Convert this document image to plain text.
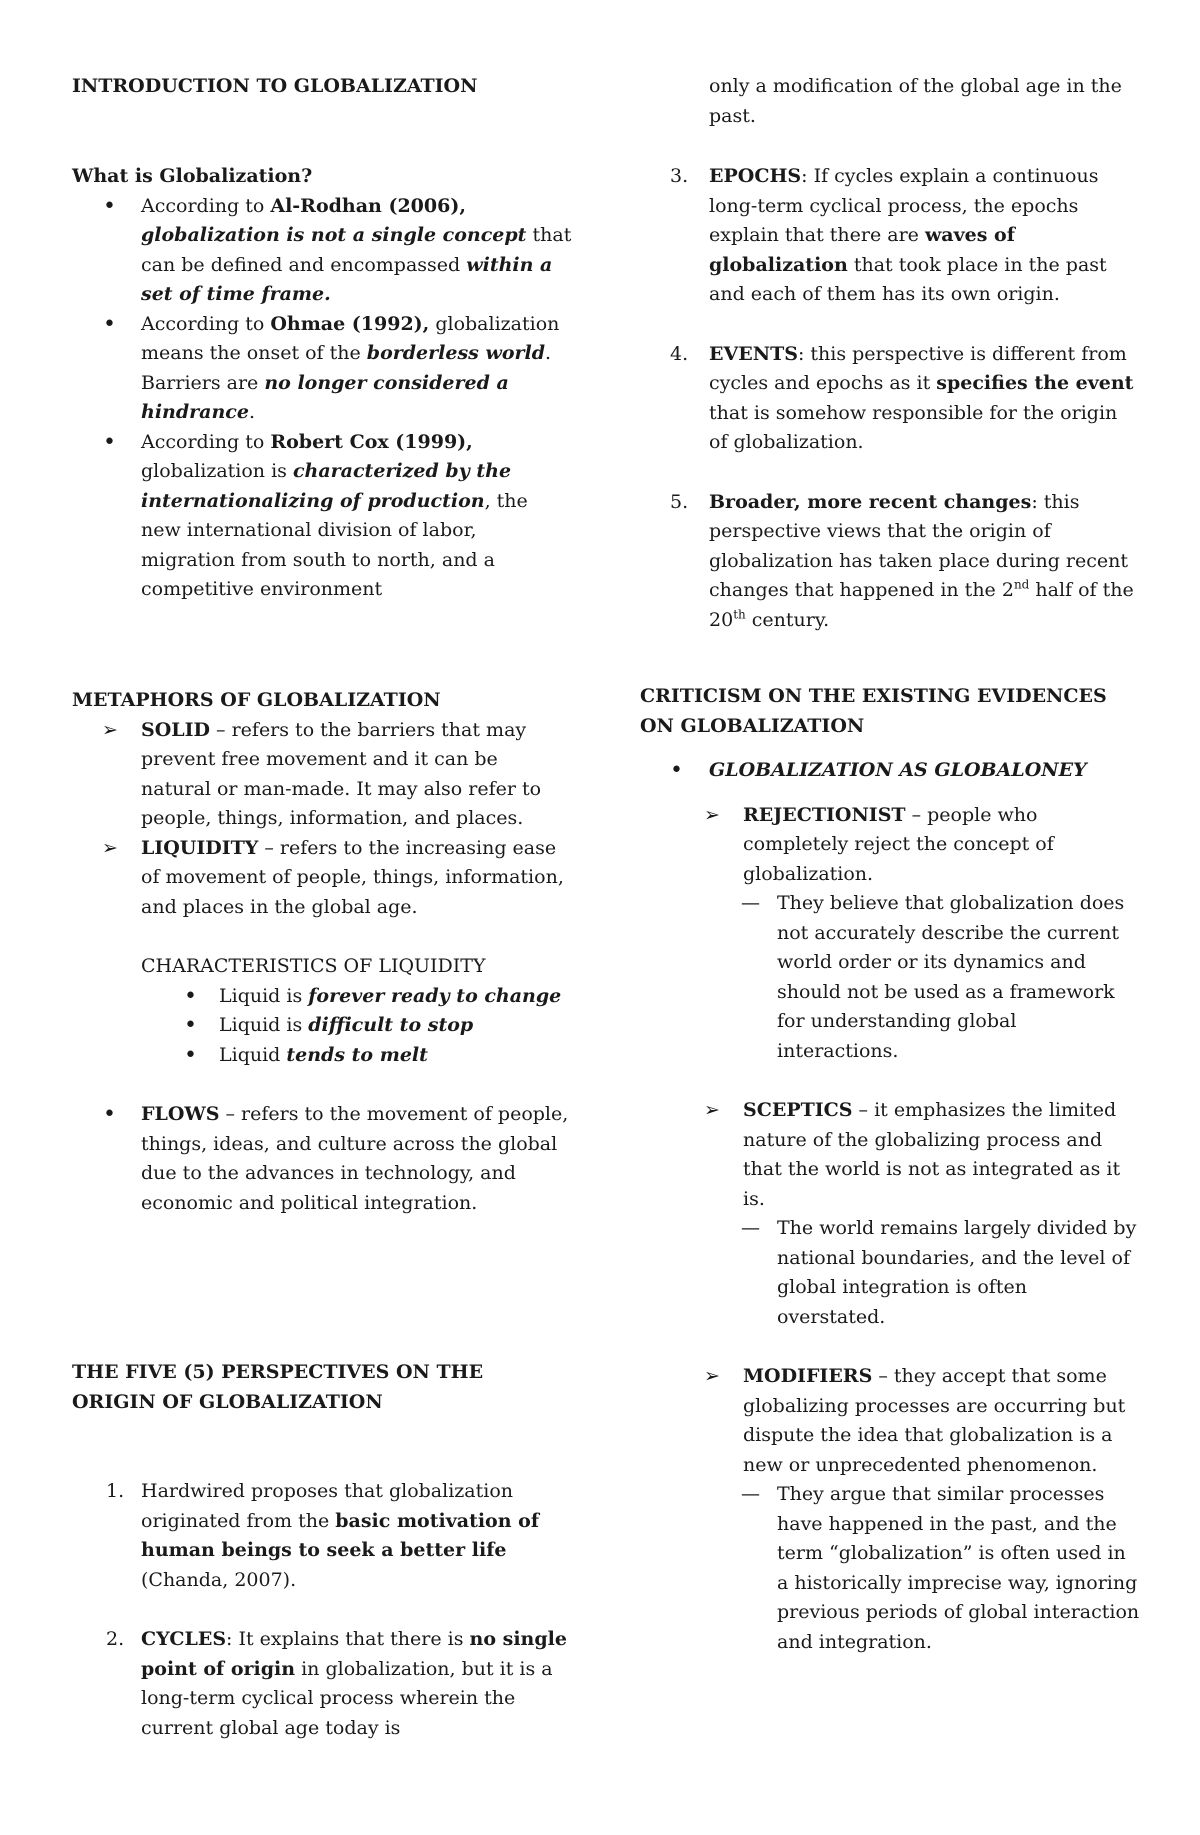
INTRODUCTION TO GLOBALIZATION

What is Globalization?

• According to Al-Rodhan (2006), globalization is not a single concept that can be defined and encompassed within a set of time frame.
• According to Ohmae (1992), globalization means the onset of the borderless world. Barriers are no longer considered a hindrance.
• According to Robert Cox (1999), globalization is characterized by the internationalizing of production, the new international division of labor, migration from south to north, and a competitive environment

METAPHORS OF GLOBALIZATION

➢ SOLID – refers to the barriers that may prevent free movement and it can be natural or man-made. It may also refer to people, things, information, and places.
➢ LIQUIDITY – refers to the increasing ease of movement of people, things, information, and places in the global age.

CHARACTERISTICS OF LIQUIDITY

• Liquid is forever ready to change
• Liquid is difficult to stop
• Liquid tends to melt
• FLOWS – refers to the movement of people, things, ideas, and culture across the global due to the advances in technology, and economic and political integration.

THE FIVE (5) PERSPECTIVES ON THE ORIGIN OF GLOBALIZATION

1. Hardwired proposes that globalization originated from the basic motivation of human beings to seek a better life (Chanda, 2007).
2. CYCLES: It explains that there is no single point of origin in globalization, but it is a long-term cyclical process wherein the current global age today is

only a modification of the global age in the past.

3. EPOCHS: If cycles explain a continuous long-term cyclical process, the epochs explain that there are waves of globalization that took place in the past and each of them has its own origin.
4. EVENTS: this perspective is different from cycles and epochs as it specifies the event that is somehow responsible for the origin of globalization.
5. Broader, more recent changes: this perspective views that the origin of globalization has taken place during recent changes that happened in the 2nd half of the 20th century.

CRITICISM ON THE EXISTING EVIDENCES ON GLOBALIZATION

• GLOBALIZATION AS GLOBALONEY
➢ REJECTIONIST – people who completely reject the concept of globalization.
— They believe that globalization does not accurately describe the current world order or its dynamics and should not be used as a framework for understanding global interactions.
➢ SCEPTICS – it emphasizes the limited nature of the globalizing process and that the world is not as integrated as it is.
— The world remains largely divided by national boundaries, and the level of global integration is often overstated.
➢ MODIFIERS – they accept that some globalizing processes are occurring but dispute the idea that globalization is a new or unprecedented phenomenon.
— They argue that similar processes have happened in the past, and the term “globalization” is often used in a historically imprecise way, ignoring previous periods of global interaction and integration.
